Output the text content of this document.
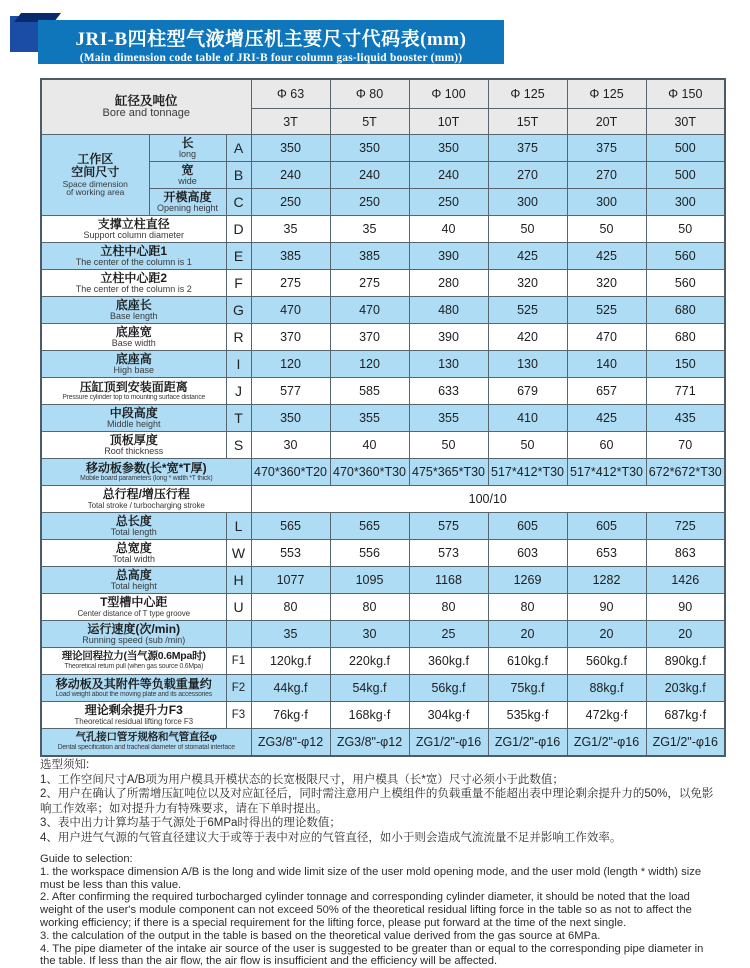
JRI-B四柱型气液增压机主要尺寸代码表(mm)
(Main dimension code table of JRI-B four column gas-liquid booster (mm))
缸径及吨位
Bore and tonnage			Φ 63	Φ 80	Φ 100	Φ 125	Φ 125	Φ 150
			3T	5T	10T	15T	20T	30T

工作区
空间尺寸
Space dimension
of working area

长
long	A	350	350	350	375	375	500

	宽
wide	B	240	240	240	270	270	500

	开模高度
Opening height	C	250	250	250	300	300	300

支撑立柱直径
Support column diameter		D	35	35	40	50	50	50

立柱中心距1
The center of the column is 1		E	385	385	390	425	425	560

立柱中心距2
The center of the column is 2		F	275	275	280	320	320	560

底座长
Base length		G	470	470	480	525	525	680

底座宽
Base width		R	370	370	390	420	470	680

底座高
High base		I	120	120	130	130	140	150

压缸顶到安装面距离
Pressure cylinder top to mounting surface distance		J	577	585	633	679	657	771

中段高度
Middle height		T	350	355	355	410	425	435

顶板厚度
Roof thickness		S	30	40	50	50	60	70

移动板参数(长*宽*T厚)
Mobile board parameters (long * width *T thick)			470*360*T20	470*360*T30	475*365*T30	517*412*T30	517*412*T30	672*672*T30

总行程/增压行程
Total stroke / turbocharging stroke			100/10					

总长度
Total length		L	565	565	575	605	605	725

总宽度
Total width		W	553	556	573	603	653	863

总高度
Total height		H	1077	1095	1168	1269	1282	1426

T型槽中心距
Center distance of T type groove		U	80	80	80	80	90	90

运行速度(次/min)
Running speed (sub /min)			35	30	25	20	20	20

理论回程拉力(当气源0.6Mpa时)
Theoretical return pull (when gas source 0.6Mpa)		F1	120kg.f	220kg.f	360kg.f	610kg.f	560kg.f	890kg.f

移动板及其附件等负载重量约
Load weight about the moving plate and its accessories		F2	44kg.f	54kg.f	56kg.f	75kg.f	88kg.f	203kg.f

理论剩余提升力F3
Theoretical residual lifting force F3		F3	76kg·f	168kg·f	304kg·f	535kg·f	472kg·f	687kg·f

气孔接口管牙规格和气管直径φ
Dental specification and tracheal diameter of stomatal interface			ZG3/8"-φ12	ZG3/8"-φ12	ZG1/2"-φ16	ZG1/2"-φ16	ZG1/2"-φ16	ZG1/2"-φ16
选型须知:
1、工作空间尺寸A/B项为用户模具开模状态的长宽极限尺寸，用户模具（长*宽）尺寸必须小于此数值；
2、用户在确认了所需增压缸吨位以及对应缸径后，同时需注意用户上模组件的负载重量不能超出表中理论剩余提升力的50%，以免影响工作效率；如对提升力有特殊要求，请在下单时提出。
3、表中出力计算均基于气源处于6MPa时得出的理论数值；
4、用户进气气源的气管直径建议大于或等于表中对应的气管直径，如小于则会造成气流流量不足并影响工作效率。
Guide to selection:
1. the workspace dimension A/B is the long and wide limit size of the user mold opening mode, and the user mold (length * width) size must be less than this value.
2. After confirming the required turbocharged cylinder tonnage and corresponding cylinder diameter, it should be noted that the load weight of the user's module component can not exceed 50% of the theoretical residual lifting force in the table so as not to affect the working efficiency; if there is a special requirement for the lifting force, please put forward at the time of the next single.
3. the calculation of the output in the table is based on the theoretical value derived from the gas source at 6MPa.
4. The pipe diameter of the intake air source of the user is suggested to be greater than or equal to the corresponding pipe diameter in the table. If less than the air flow, the air flow is insufficient and the efficiency will be affected.
